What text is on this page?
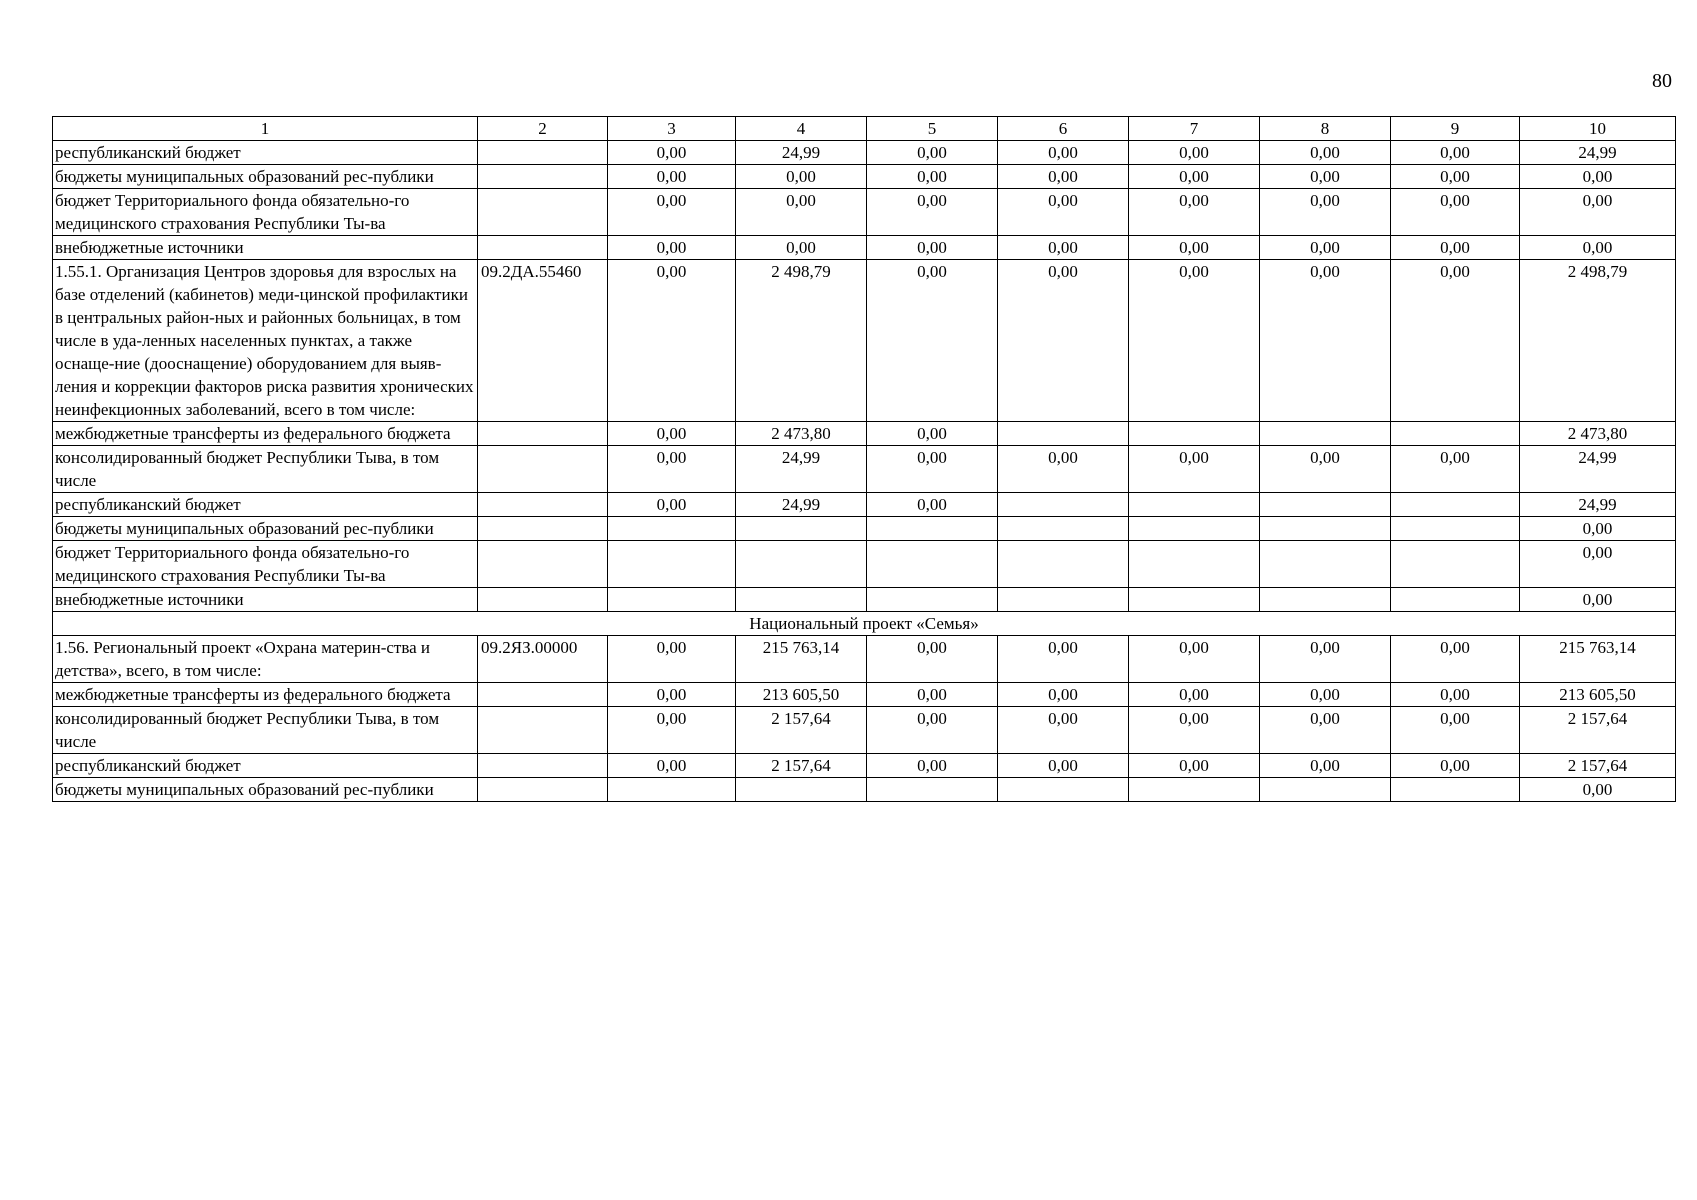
80
1	2	3	4	5	6	7	8	9	10
республиканский бюджет		0,00	24,99	0,00	0,00	0,00	0,00	0,00	24,99
бюджеты муниципальных образований рес-публики		0,00	0,00	0,00	0,00	0,00	0,00	0,00	0,00
бюджет Территориального фонда обязательно-го медицинского страхования Республики Ты-ва		0,00	0,00	0,00	0,00	0,00	0,00	0,00	0,00
внебюджетные источники		0,00	0,00	0,00	0,00	0,00	0,00	0,00	0,00
1.55.1. Организация Центров здоровья для взрослых на базе отделений (кабинетов) меди-цинской профилактики в центральных район-ных и районных больницах, в том числе в уда-ленных населенных пунктах, а также оснаще-ние (дооснащение) оборудованием для выяв-ления и коррекции факторов риска развития хронических неинфекционных заболеваний, всего в том числе:	09.2ДА.55460	0,00	2 498,79	0,00	0,00	0,00	0,00	0,00	2 498,79
межбюджетные трансферты из федерального бюджета		0,00	2 473,80	0,00					2 473,80
консолидированный бюджет Республики Тыва, в том числе		0,00	24,99	0,00	0,00	0,00	0,00	0,00	24,99
республиканский бюджет		0,00	24,99	0,00					24,99
бюджеты муниципальных образований рес-публики									0,00
бюджет Территориального фонда обязательно-го медицинского страхования Республики Ты-ва									0,00
внебюджетные источники									0,00
Национальный проект «Семья»									
1.56. Региональный проект «Охрана материн-ства и детства», всего, в том числе:	09.2ЯЗ.00000	0,00	215 763,14	0,00	0,00	0,00	0,00	0,00	215 763,14
межбюджетные трансферты из федерального бюджета		0,00	213 605,50	0,00	0,00	0,00	0,00	0,00	213 605,50
консолидированный бюджет Республики Тыва, в том числе		0,00	2 157,64	0,00	0,00	0,00	0,00	0,00	2 157,64
республиканский бюджет		0,00	2 157,64	0,00	0,00	0,00	0,00	0,00	2 157,64
бюджеты муниципальных образований рес-публики									0,00
